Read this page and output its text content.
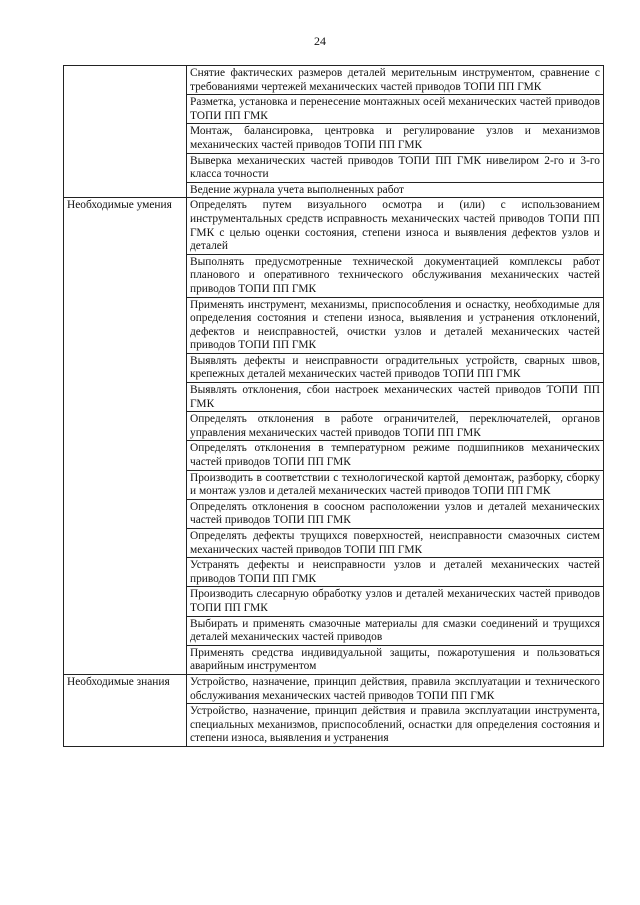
24
	Снятие фактических размеров деталей мерительным инструментом, сравнение с требованиями чертежей механических частей приводов ТОПИ ПП ГМК
	Разметка, установка и перенесение монтажных осей механических частей приводов ТОПИ ПП ГМК
	Монтаж, балансировка, центровка и регулирование узлов и механизмов механических частей приводов ТОПИ ПП ГМК
	Выверка механических частей приводов ТОПИ ПП ГМК нивелиром 2-го и 3-го класса точности
	Ведение журнала учета выполненных работ
Необходимые умения	Определять путем визуального осмотра и (или) с использованием инструментальных средств исправность механических частей приводов ТОПИ ПП ГМК с целью оценки состояния, степени износа и выявления дефектов узлов и деталей
	Выполнять предусмотренные технической документацией комплексы работ планового и оперативного технического обслуживания механических частей приводов ТОПИ ПП ГМК
	Применять инструмент, механизмы, приспособления и оснастку, необходимые для определения состояния и степени износа, выявления и устранения отклонений, дефектов и неисправностей, очистки узлов и деталей механических частей приводов ТОПИ ПП ГМК
	Выявлять дефекты и неисправности оградительных устройств, сварных швов, крепежных деталей механических частей приводов ТОПИ ПП ГМК
	Выявлять отклонения, сбои настроек механических частей приводов ТОПИ ПП ГМК
	Определять отклонения в работе ограничителей, переключателей, органов управления механических частей приводов ТОПИ ПП ГМК
	Определять отклонения в температурном режиме подшипников механических частей приводов ТОПИ ПП ГМК
	Производить в соответствии с технологической картой демонтаж, разборку, сборку и монтаж узлов и деталей механических частей приводов ТОПИ ПП ГМК
	Определять отклонения в соосном расположении узлов и деталей механических частей приводов ТОПИ ПП ГМК
	Определять дефекты трущихся поверхностей, неисправности смазочных систем механических частей приводов ТОПИ ПП ГМК
	Устранять дефекты и неисправности узлов и деталей механических частей приводов ТОПИ ПП ГМК
	Производить слесарную обработку узлов и деталей механических частей приводов ТОПИ ПП ГМК
	Выбирать и применять смазочные материалы для смазки соединений и трущихся деталей механических частей приводов
	Применять средства индивидуальной защиты, пожаротушения и пользоваться аварийным инструментом
Необходимые знания	Устройство, назначение, принцип действия, правила эксплуатации и технического обслуживания механических частей приводов ТОПИ ПП ГМК
	Устройство, назначение, принцип действия и правила эксплуатации инструмента, специальных механизмов, приспособлений, оснастки для определения состояния и степени износа, выявления и устранения
